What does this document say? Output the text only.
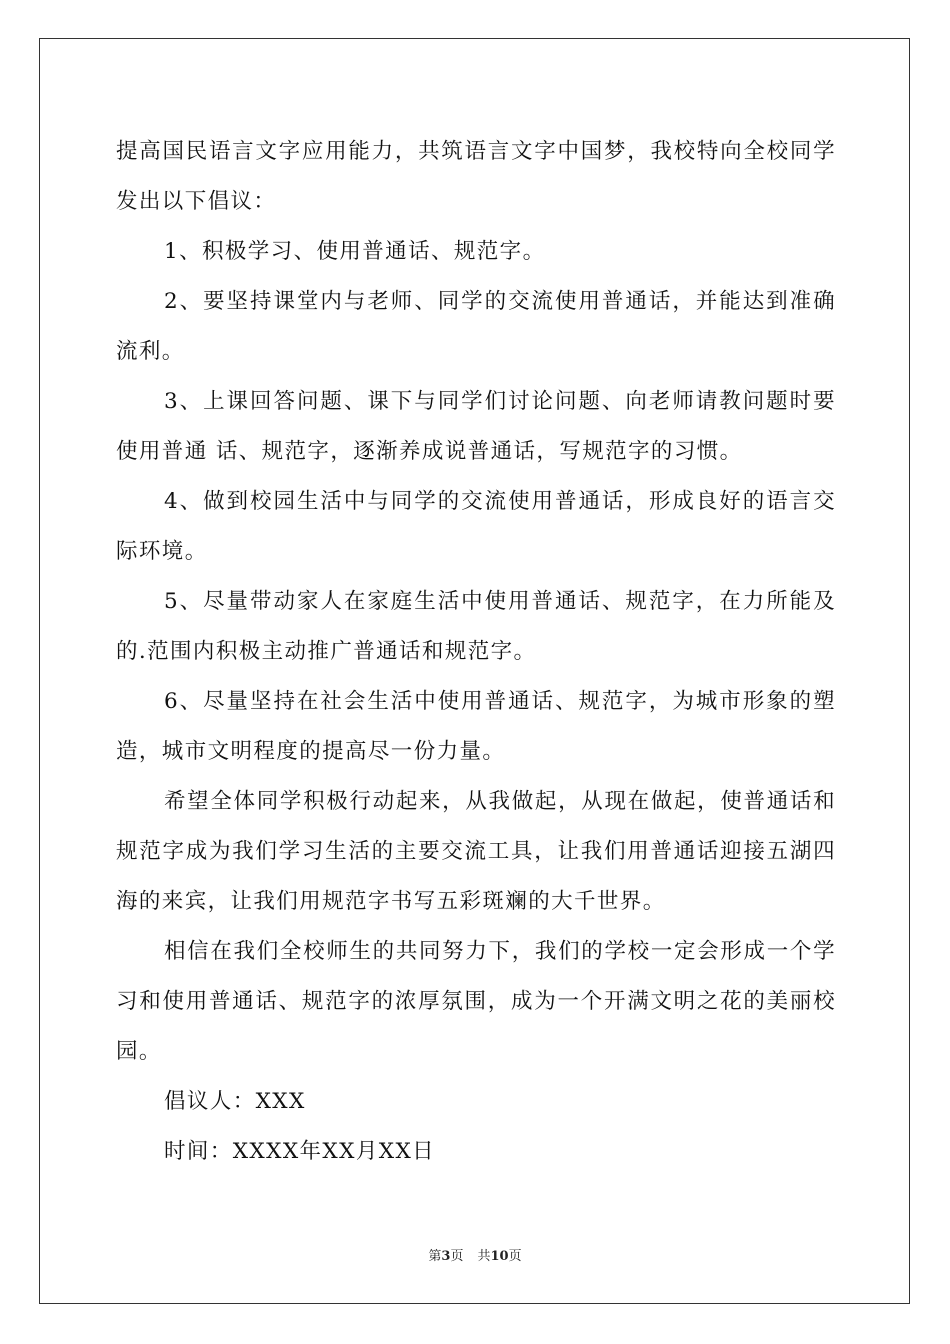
提高国民语言文字应用能力，共筑语言文字中国梦，我校特向全校同学发出以下倡议：

1、积极学习、使用普通话、规范字。

2、要坚持课堂内与老师、同学的交流使用普通话，并能达到准确流利。

3、上课回答问题、课下与同学们讨论问题、向老师请教问题时要使用普通 话、规范字，逐渐养成说普通话，写规范字的习惯。

4、做到校园生活中与同学的交流使用普通话，形成良好的语言交际环境。

5、尽量带动家人在家庭生活中使用普通话、规范字，在力所能及的.范围内积极主动推广普通话和规范字。

6、尽量坚持在社会生活中使用普通话、规范字，为城市形象的塑造，城市文明程度的提高尽一份力量。

希望全体同学积极行动起来，从我做起，从现在做起，使普通话和规范字成为我们学习生活的主要交流工具，让我们用普通话迎接五湖四海的来宾，让我们用规范字书写五彩斑斓的大千世界。

相信在我们全校师生的共同努力下，我们的学校一定会形成一个学习和使用普通话、规范字的浓厚氛围，成为一个开满文明之花的美丽校园。

倡议人：XXX

时间：XXXX年XX月XX日

第3页 共10页
